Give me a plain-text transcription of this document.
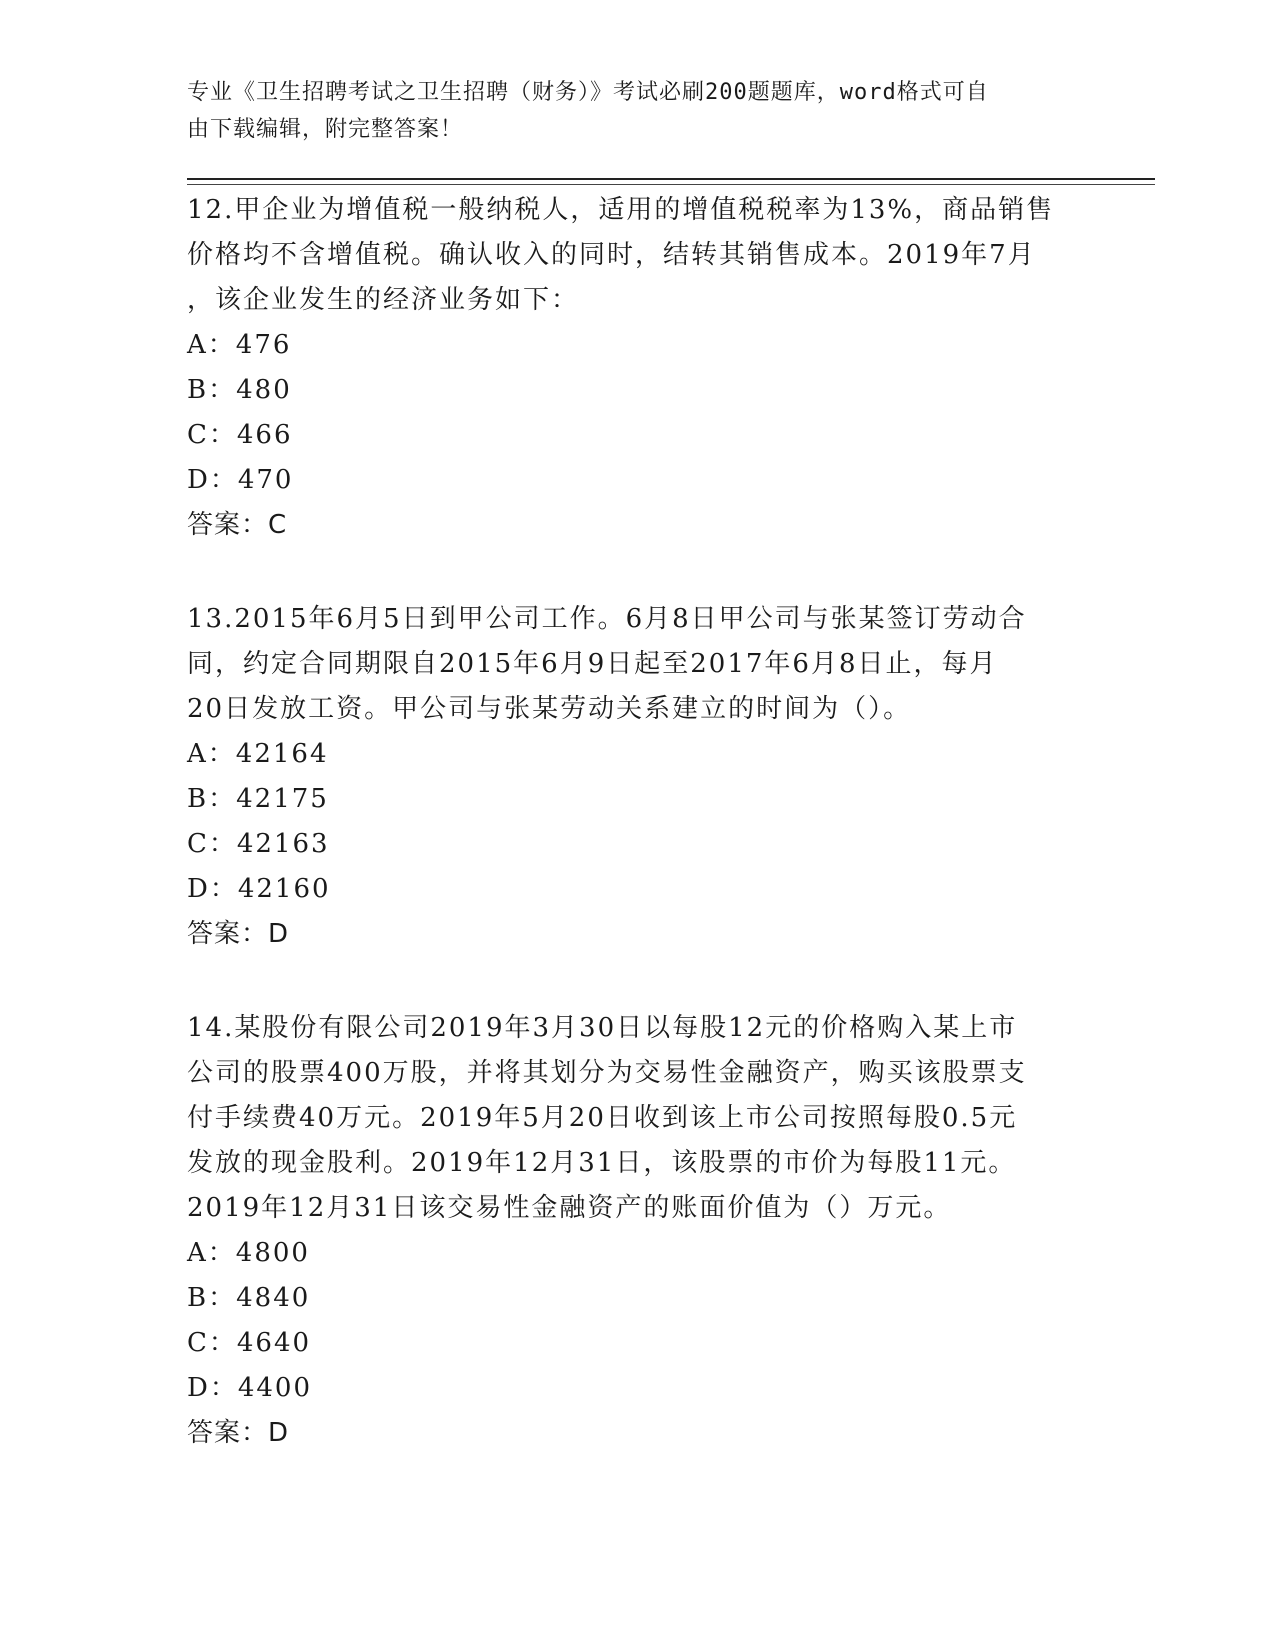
专业《卫生招聘考试之卫生招聘（财务）》考试必刷200题题库，word格式可自
由下载编辑，附完整答案！
12.甲企业为增值税一般纳税人，适用的增值税税率为13%，商品销售
价格均不含增值税。确认收入的同时，结转其销售成本。2019年7月
，该企业发生的经济业务如下：
A：476
B：480
C：466
D：470
答案：C
13.2015年6月5日到甲公司工作。6月8日甲公司与张某签订劳动合
同，约定合同期限自2015年6月9日起至2017年6月8日止，每月
20日发放工资。甲公司与张某劳动关系建立的时间为（）。
A：42164
B：42175
C：42163
D：42160
答案：D
14.某股份有限公司2019年3月30日以每股12元的价格购入某上市
公司的股票400万股，并将其划分为交易性金融资产，购买该股票支
付手续费40万元。2019年5月20日收到该上市公司按照每股0.5元
发放的现金股利。2019年12月31日，该股票的市价为每股11元。
2019年12月31日该交易性金融资产的账面价值为（）万元。
A：4800
B：4840
C：4640
D：4400
答案：D
